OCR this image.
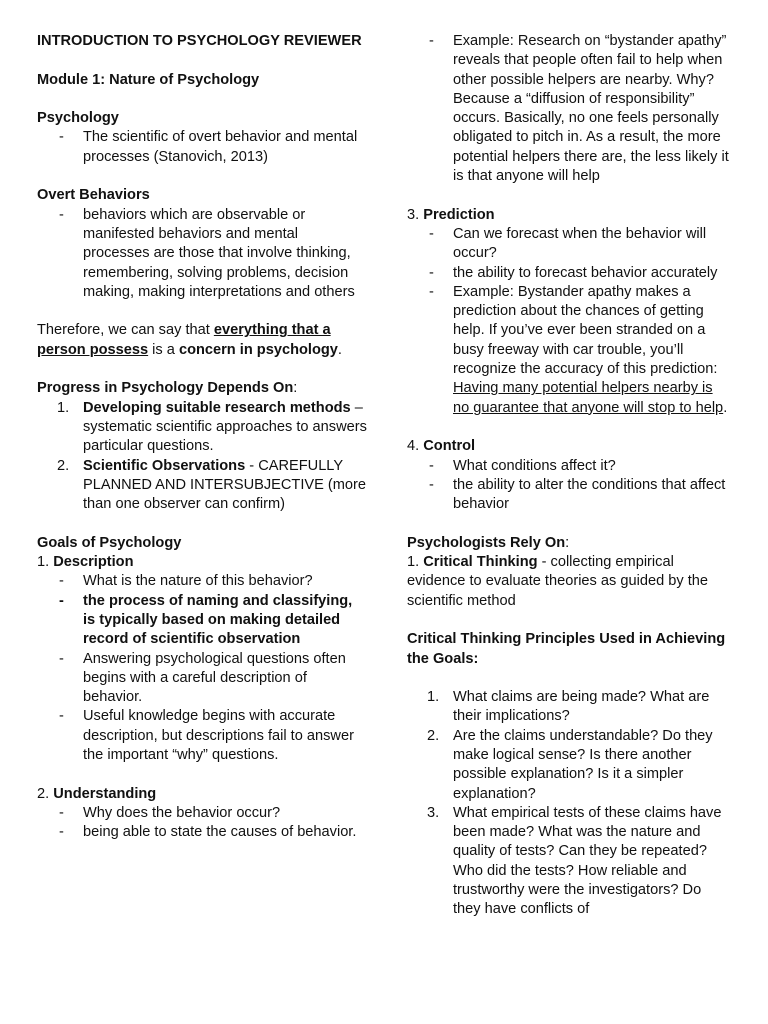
INTRODUCTION TO PSYCHOLOGY REVIEWER

Module 1: Nature of Psychology

Psychology

- The scientific of overt behavior and mental processes (Stanovich, 2013)

Overt Behaviors

- behaviors which are observable or manifested behaviors and mental processes are those that involve thinking, remembering, solving problems, decision making, making interpretations and others

Therefore, we can say that everything that a person possess is a concern in psychology.

Progress in Psychology Depends On:

1. Developing suitable research methods – systematic scientific approaches to answers particular questions.
2. Scientific Observations - CAREFULLY PLANNED AND INTERSUBJECTIVE (more than one observer can confirm)

Goals of Psychology

1. Description

- What is the nature of this behavior?
- the process of naming and classifying, is typically based on making detailed record of scientific observation
- Answering psychological questions often begins with a careful description of behavior.
- Useful knowledge begins with accurate description, but descriptions fail to answer the important “why” questions.

2. Understanding

- Why does the behavior occur?
- being able to state the causes of behavior.
- Example: Research on “bystander apathy” reveals that people often fail to help when other possible helpers are nearby. Why? Because a “diffusion of responsibility” occurs. Basically, no one feels personally obligated to pitch in. As a result, the more potential helpers there are, the less likely it is that anyone will help

3. Prediction

- Can we forecast when the behavior will occur?
- the ability to forecast behavior accurately
- Example: Bystander apathy makes a prediction about the chances of getting help. If you’ve ever been stranded on a busy freeway with car trouble, you’ll recognize the accuracy of this prediction: Having many potential helpers nearby is no guarantee that anyone will stop to help.

4. Control

- What conditions affect it?
- the ability to alter the conditions that affect behavior

Psychologists Rely On:

1. Critical Thinking - collecting empirical evidence to evaluate theories as guided by the scientific method

Critical Thinking Principles Used in Achieving the Goals:

1. What claims are being made? What are their implications?
2. Are the claims understandable? Do they make logical sense? Is there another possible explanation? Is it a simpler explanation?
3. What empirical tests of these claims have been made? What was the nature and quality of tests? Can they be repeated? Who did the tests? How reliable and trustworthy were the investigators? Do they have conflicts of
